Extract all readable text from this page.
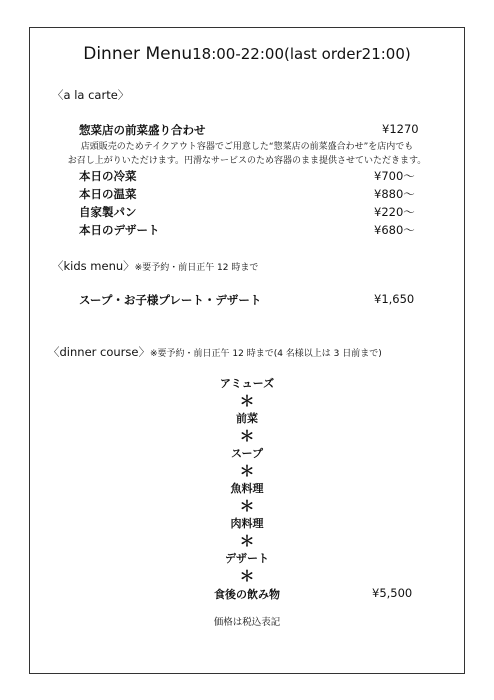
Dinner Menu18:00-22:00(last order21:00)
〈a la carte〉
惣菜店の前菜盛り合わせ	¥1270
店頭販売のためテイクアウト容器でご用意した“惣菜店の前菜盛合わせ”を店内でも
お召し上がりいただけます。円滑なサービスのため容器のまま提供させていただきます。
本日の冷菜	¥700～
本日の温菜	¥880～
自家製パン	¥220～
本日のデザート	¥680～
〈kids menu〉※要予約・前日正午 12 時まで
スープ・お子様プレート・デザート	¥1,650
〈dinner course〉※要予約・前日正午 12 時まで(4 名様以上は 3 日前まで)
アミューズ
＊
前菜
＊
スープ
＊
魚料理
＊
肉料理
＊
デザート
＊
食後の飲み物	¥5,500
価格は税込表記
